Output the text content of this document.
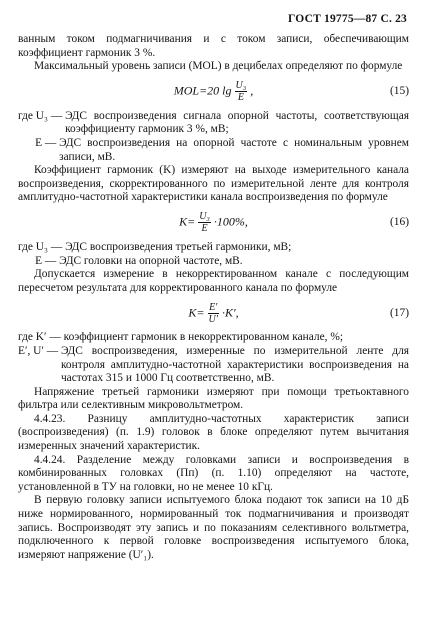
ГОСТ 19775—87 С. 23

ванным током подмагничивания и с током записи, обеспечивающим коэффициент гармоник 3 %.

Максимальный уровень записи (MOL) в децибелах определяют по формуле

MOL=20 $\lg \frac{\text{U₃}}{E}$ ,	(15)
где U₃ — ЭДС воспроизведения сигнала опорной частоты, соответствующая коэффициенту гармоник 3 %, мВ;
E — ЭДС воспроизведения на опорной частоте с номинальным уровнем записи, мВ.

Коэффициент гармоник (K) измеряют на выходе измерительного канала воспроизведения, скорректированного по измерительной ленте для контроля амплитудно-частотной характеристики канала воспроизведения по формуле

$K= \frac{\text{U₃}}{E} \cdot 100\%$,	(16)
где U₃ — ЭДС воспроизведения третьей гармоники, мВ;
E — ЭДС головки на опорной частоте, мВ.

Допускается измерение в некорректированном канале с последующим пересчетом результата для корректированного канала по формуле

$K= \frac{E'}{U'} \cdot K'$,	(17)
где K′ — коэффициент гармоник в некорректированном канале, %;
E′, U′ — ЭДС воспроизведения, измеренные по измерительной ленте для контроля амплитудно-частотной характеристики воспроизведения на частотах 315 и 1000 Гц соответственно, мВ.

Напряжение третьей гармоники измеряют при помощи третьоктавного фильтра или селективным микровольтметром.

4.4.23. Разницу амплитудно-частотных характеристик записи (воспроизведения) (п. 1.9) головок в блоке определяют путем вычитания измеренных значений характеристик.

4.4.24. Разделение между головками записи и воспроизведения в комбинированных головках (Пп) (п. 1.10) определяют на частоте, установленной в ТУ на головки, но не менее 10 кГц.

В первую головку записи испытуемого блока подают ток записи на 10 дБ ниже нормированного, нормированный ток подмагничивания и производят запись. Воспроизводят эту запись и по показаниям селективного вольтметра, подключенного к первой головке воспроизведения испытуемого блока, измеряют напряжение (U′₁).
